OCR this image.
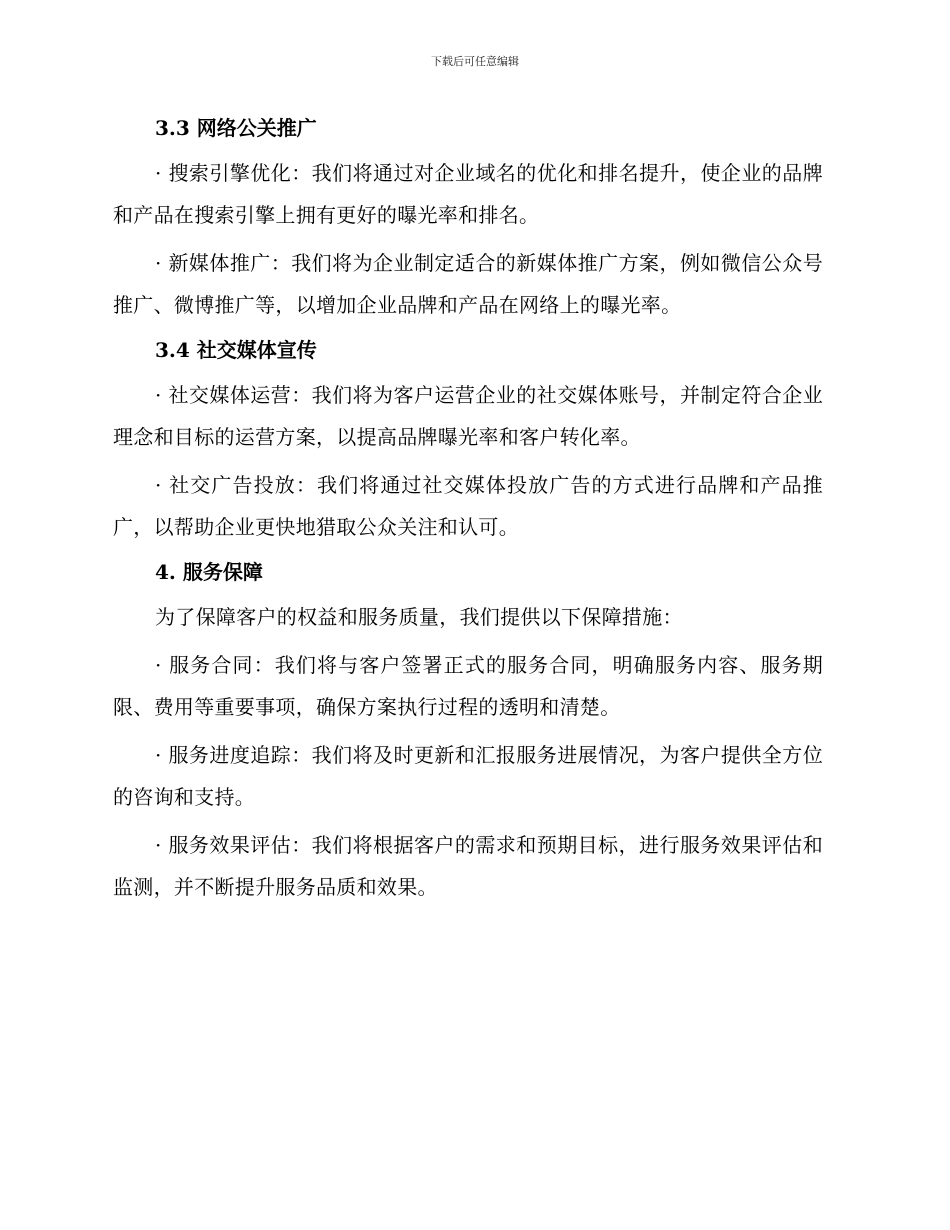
下载后可任意编辑
3.3 网络公关推广

· 搜索引擎优化：我们将通过对企业域名的优化和排名提升，使企业的品牌和产品在搜索引擎上拥有更好的曝光率和排名。

· 新媒体推广：我们将为企业制定适合的新媒体推广方案，例如微信公众号推广、微博推广等，以增加企业品牌和产品在网络上的曝光率。

3.4 社交媒体宣传

· 社交媒体运营：我们将为客户运营企业的社交媒体账号，并制定符合企业理念和目标的运营方案，以提高品牌曝光率和客户转化率。

· 社交广告投放：我们将通过社交媒体投放广告的方式进行品牌和产品推广，以帮助企业更快地猎取公众关注和认可。

4. 服务保障

为了保障客户的权益和服务质量，我们提供以下保障措施：

· 服务合同：我们将与客户签署正式的服务合同，明确服务内容、服务期限、费用等重要事项，确保方案执行过程的透明和清楚。

· 服务进度追踪：我们将及时更新和汇报服务进展情况，为客户提供全方位的咨询和支持。

· 服务效果评估：我们将根据客户的需求和预期目标，进行服务效果评估和监测，并不断提升服务品质和效果。
